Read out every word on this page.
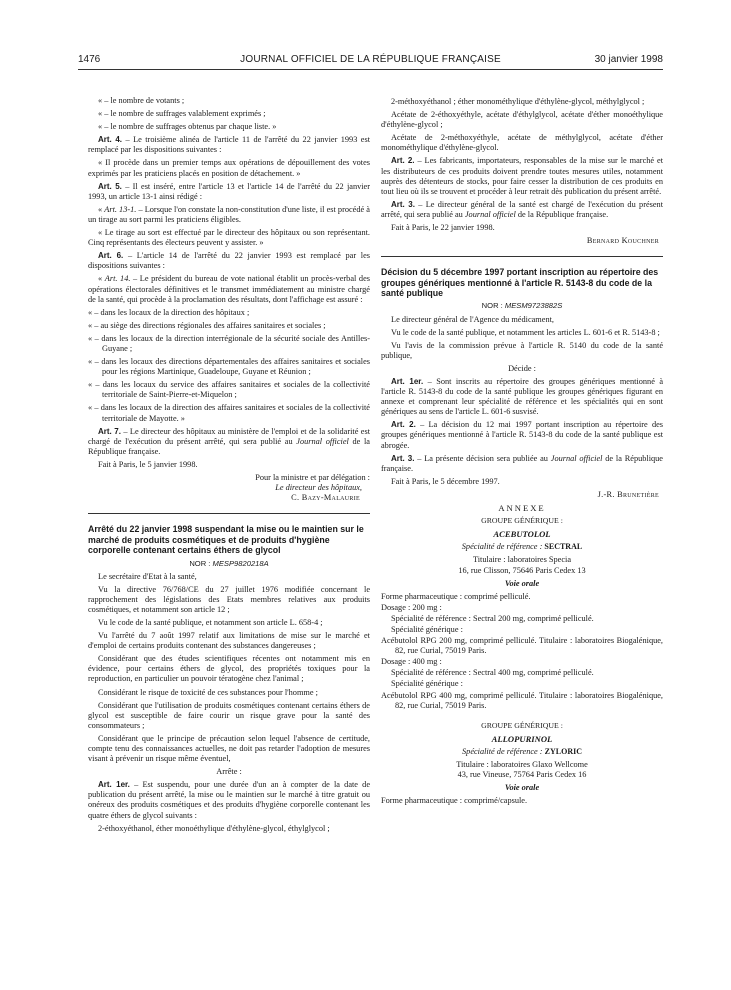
1476	JOURNAL OFFICIEL DE LA RÉPUBLIQUE FRANÇAISE	30 janvier 1998

« – le nombre de votants ;

« – le nombre de suffrages valablement exprimés ;

« – le nombre de suffrages obtenus par chaque liste. »

Art. 4. – Le troisième alinéa de l'article 11 de l'arrêté du 22 janvier 1993 est remplacé par les dispositions suivantes :

« Il procède dans un premier temps aux opérations de dépouillement des votes exprimés par les praticiens placés en position de détachement. »

Art. 5. – Il est inséré, entre l'article 13 et l'article 14 de l'arrêté du 22 janvier 1993, un article 13-1 ainsi rédigé :

« Art. 13-1. – Lorsque l'on constate la non-constitution d'une liste, il est procédé à un tirage au sort parmi les praticiens éligibles.

« Le tirage au sort est effectué par le directeur des hôpitaux ou son représentant. Cinq représentants des électeurs peuvent y assister. »

Art. 6. – L'article 14 de l'arrêté du 22 janvier 1993 est remplacé par les dispositions suivantes :

« Art. 14. – Le président du bureau de vote national établit un procès-verbal des opérations électorales définitives et le transmet immédiatement au ministre chargé de la santé, qui procède à la proclamation des résultats, dont l'affichage est assuré :

« – dans les locaux de la direction des hôpitaux ;

« – au siège des directions régionales des affaires sanitaires et sociales ;

« – dans les locaux de la direction interrégionale de la sécurité sociale des Antilles-Guyane ;

« – dans les locaux des directions départementales des affaires sanitaires et sociales pour les régions Martinique, Guadeloupe, Guyane et Réunion ;

« – dans les locaux du service des affaires sanitaires et sociales de la collectivité territoriale de Saint-Pierre-et-Miquelon ;

« – dans les locaux de la direction des affaires sanitaires et sociales de la collectivité territoriale de Mayotte. »

Art. 7. – Le directeur des hôpitaux au ministère de l'emploi et de la solidarité est chargé de l'exécution du présent arrêté, qui sera publié au Journal officiel de la République française.

Fait à Paris, le 5 janvier 1998.

Pour la ministre et par délégation :

Le directeur des hôpitaux,

C. Bazy-Malaurie

Arrêté du 22 janvier 1998 suspendant la mise ou le maintien sur le marché de produits cosmétiques et de produits d'hygiène corporelle contenant certains éthers de glycol

NOR : MESP9820218A

Le secrétaire d'Etat à la santé,

Vu la directive 76/768/CE du 27 juillet 1976 modifiée concernant le rapprochement des législations des Etats membres relatives aux produits cosmétiques, et notamment son article 12 ;

Vu le code de la santé publique, et notamment son article L. 658-4 ;

Vu l'arrêté du 7 août 1997 relatif aux limitations de mise sur le marché et d'emploi de certains produits contenant des substances dangereuses ;

Considérant que des études scientifiques récentes ont notamment mis en évidence, pour certains éthers de glycol, des propriétés toxiques pour la reproduction, en particulier un pouvoir tératogène chez l'animal ;

Considérant le risque de toxicité de ces substances pour l'homme ;

Considérant que l'utilisation de produits cosmétiques contenant certains éthers de glycol est susceptible de faire courir un risque grave pour la santé des consommateurs ;

Considérant que le principe de précaution selon lequel l'absence de certitude, compte tenu des connaissances actuelles, ne doit pas retarder l'adoption de mesures visant à prévenir un risque même éventuel,

Arrête :

Art. 1er. – Est suspendu, pour une durée d'un an à compter de la date de publication du présent arrêté, la mise ou le maintien sur le marché à titre gratuit ou onéreux des produits cosmétiques et des produits d'hygiène corporelle contenant les quatre éthers de glycol suivants :

2-éthoxyéthanol, éther monoéthylique d'éthylène-glycol, éthylglycol ;

2-méthoxyéthanol ; éther monométhylique d'éthylène-glycol, méthylglycol ;

Acétate de 2-éthoxyéthyle, acétate d'éthylglycol, acétate d'éther monoéthylique d'éthylène-glycol ;

Acétate de 2-méthoxyéthyle, acétate de méthylglycol, acétate d'éther monométhylique d'éthylène-glycol.

Art. 2. – Les fabricants, importateurs, responsables de la mise sur le marché et les distributeurs de ces produits doivent prendre toutes mesures utiles, notamment auprès des détenteurs de stocks, pour faire cesser la distribution de ces produits en tout lieu où ils se trouvent et procéder à leur retrait dès publication du présent arrêté.

Art. 3. – Le directeur général de la santé est chargé de l'exécution du présent arrêté, qui sera publié au Journal officiel de la République française.

Fait à Paris, le 22 janvier 1998.

Bernard Kouchner

Décision du 5 décembre 1997 portant inscription au répertoire des groupes génériques mentionné à l'article R. 5143-8 du code de la santé publique

NOR : MESM9723882S

Le directeur général de l'Agence du médicament,

Vu le code de la santé publique, et notamment les articles L. 601-6 et R. 5143-8 ;

Vu l'avis de la commission prévue à l'article R. 5140 du code de la santé publique,

Décide :

Art. 1er. – Sont inscrits au répertoire des groupes génériques mentionné à l'article R. 5143-8 du code de la santé publique les groupes génériques figurant en annexe et comprenant leur spécialité de référence et les spécialités qui en sont génériques au sens de l'article L. 601-6 susvisé.

Art. 2. – La décision du 12 mai 1997 portant inscription au répertoire des groupes génériques mentionné à l'article R. 5143-8 du code de la santé publique est abrogée.

Art. 3. – La présente décision sera publiée au Journal officiel de la République française.

Fait à Paris, le 5 décembre 1997.

J.-R. Brunetière

ANNEXE

GROUPE GÉNÉRIQUE :

ACEBUTOLOL

Spécialité de référence : SECTRAL

Titulaire : laboratoires Specia

16, rue Clisson, 75646 Paris Cedex 13

Voie orale

Forme pharmaceutique : comprimé pelliculé.

Dosage : 200 mg :

Spécialité de référence : Sectral 200 mg, comprimé pelliculé.

Spécialité générique :

Acébutolol RPG 200 mg, comprimé pelliculé. Titulaire : laboratoires Biogalénique, 82, rue Curial, 75019 Paris.

Dosage : 400 mg :

Spécialité de référence : Sectral 400 mg, comprimé pelliculé.

Spécialité générique :

Acébutolol RPG 400 mg, comprimé pelliculé. Titulaire : laboratoires Biogalénique, 82, rue Curial, 75019 Paris.

GROUPE GÉNÉRIQUE :

ALLOPURINOL

Spécialité de référence : ZYLORIC

Titulaire : laboratoires Glaxo Wellcome

43, rue Vineuse, 75764 Paris Cedex 16

Voie orale

Forme pharmaceutique : comprimé/capsule.
